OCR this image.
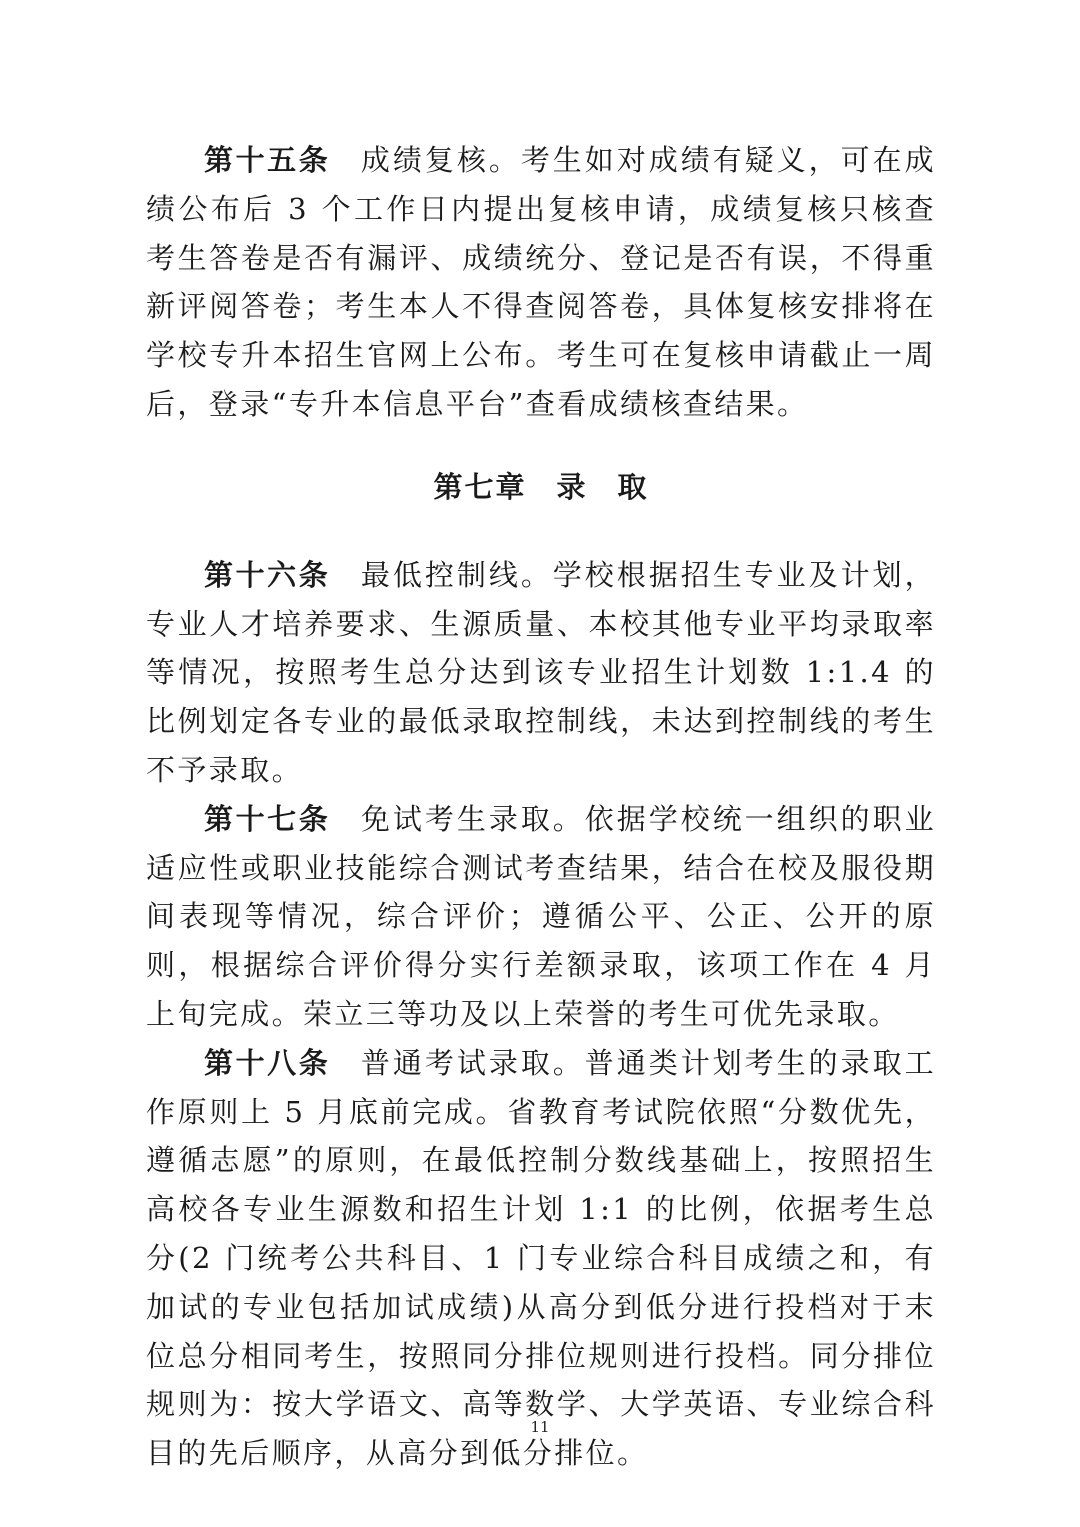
第十五条 成绩复核。考生如对成绩有疑义，可在成绩公布后 3 个工作日内提出复核申请，成绩复核只核查考生答卷是否有漏评、成绩统分、登记是否有误，不得重新评阅答卷；考生本人不得查阅答卷，具体复核安排将在学校专升本招生官网上公布。考生可在复核申请截止一周后，登录“专升本信息平台”查看成绩核查结果。

第七章 录 取

第十六条 最低控制线。学校根据招生专业及计划，专业人才培养要求、生源质量、本校其他专业平均录取率等情况，按照考生总分达到该专业招生计划数 1:1.4 的比例划定各专业的最低录取控制线，未达到控制线的考生不予录取。

第十七条 免试考生录取。依据学校统一组织的职业适应性或职业技能综合测试考查结果，结合在校及服役期间表现等情况，综合评价；遵循公平、公正、公开的原则，根据综合评价得分实行差额录取，该项工作在 4 月上旬完成。荣立三等功及以上荣誉的考生可优先录取。

第十八条 普通考试录取。普通类计划考生的录取工作原则上 5 月底前完成。省教育考试院依照“分数优先，遵循志愿”的原则，在最低控制分数线基础上，按照招生高校各专业生源数和招生计划 1:1 的比例，依据考生总分(2 门统考公共科目、1 门专业综合科目成绩之和，有加试的专业包括加试成绩)从高分到低分进行投档对于末位总分相同考生，按照同分排位规则进行投档。同分排位规则为：按大学语文、高等数学、大学英语、专业综合科目的先后顺序，从高分到低分排位。

11
